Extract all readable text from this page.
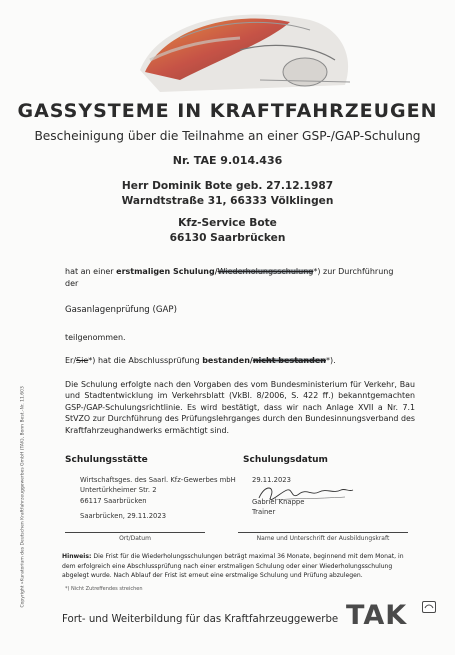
GASSYSTEME IN KRAFTFAHRZEUGEN
Bescheinigung über die Teilnahme an einer GSP-/GAP-Schulung
Nr. TAE 9.014.436
Herr Dominik Bote geb. 27.12.1987
Warndtstraße 31, 66333 Völklingen
Kfz-Service Bote
66130 Saarbrücken
hat an einer erstmaligen Schulung/Wiederholungsschulung*) zur Durchführung
der
Gasanlagenprüfung (GAP)
teilgenommen.
Er/Sie*) hat die Abschlussprüfung bestanden/nicht bestanden*).
Die Schulung erfolgte nach den Vorgaben des vom Bundesministerium für Verkehr, Bau und Stadtentwicklung im Verkehrsblatt (VkBl. 8/2006, S. 422 ff.) bekanntgemachten GSP-/GAP-Schulungsrichtlinie. Es wird bestätigt, dass wir nach Anlage XVII a Nr. 7.1 StVZO zur Durchführung des Prüfungslehrganges durch den Bundesinnungsverband des Kraftfahrzeughandwerks ermächtigt sind.
Schulungsstätte	Schulungsdatum
Wirtschaftsges. des Saarl. Kfz-Gewerbes mbH
Untertürkheimer Str. 2
66117 Saarbrücken
Saarbrücken, 29.11.2023
29.11.2023
Gabriel Knappe
Trainer
Ort/Datum	Name und Unterschrift der Ausbildungskraft
Hinweis: Die Frist für die Wiederholungsschulungen beträgt maximal 36 Monate, beginnend mit dem Monat, in dem erfolgreich eine Abschlussprüfung nach einer erstmaligen Schulung oder einer Wiederholungsschulung abgelegt wurde. Nach Ablauf der Frist ist erneut eine erstmalige Schulung und Prüfung abzulegen.
*) Nicht Zutreffendes streichen
Copyright »Kuratorium des Deutschen Kraftfahrzeuggewerbes GmbH (TAK), Bonn Best.-Nr. 11.603
Fort- und Weiterbildung für das Kraftfahrzeuggewerbe TAK
